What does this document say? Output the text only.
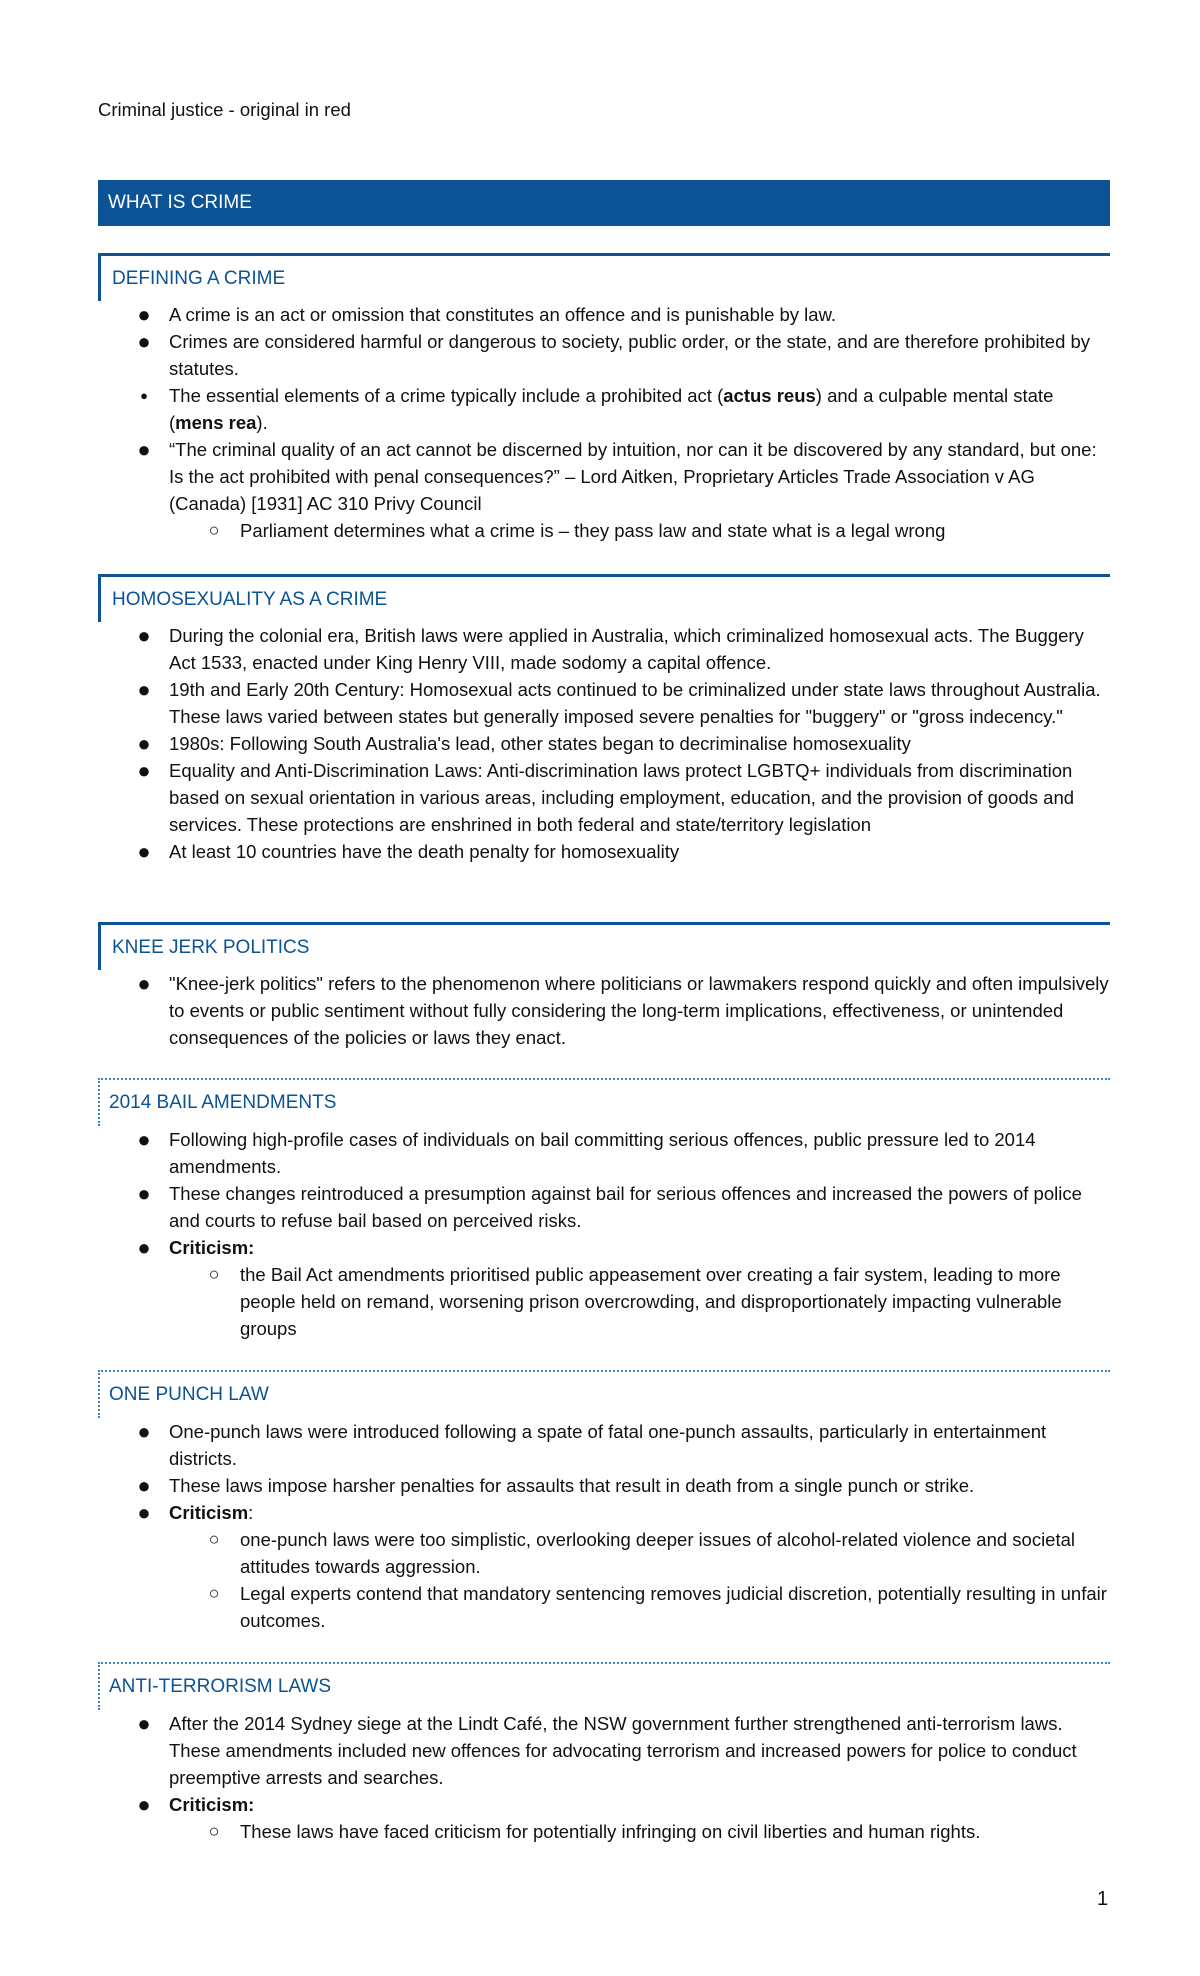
Criminal justice - original in red
WHAT IS CRIME
DEFINING A CRIME
● A crime is an act or omission that constitutes an offence and is punishable by law.
● Crimes are considered harmful or dangerous to society, public order, or the state, and are therefore prohibited by statutes.
●	The essential elements of a crime typically include a prohibited act (actus reus) and a culpable mental state (mens rea).
● “The criminal quality of an act cannot be discerned by intuition, nor can it be discovered by any standard, but one: Is the act prohibited with penal consequences?” – Lord Aitken, Proprietary Articles Trade Association v AG (Canada) [1931] AC 310 Privy Council
○ Parliament determines what a crime is – they pass law and state what is a legal wrong
HOMOSEXUALITY AS A CRIME
● During the colonial era, British laws were applied in Australia, which criminalized homosexual acts. The Buggery Act 1533, enacted under King Henry VIII, made sodomy a capital offence.
● 19th and Early 20th Century: Homosexual acts continued to be criminalized under state laws throughout Australia. These laws varied between states but generally imposed severe penalties for "buggery" or "gross indecency."
● 1980s: Following South Australia's lead, other states began to decriminalise homosexuality
● Equality and Anti-Discrimination Laws: Anti-discrimination laws protect LGBTQ+ individuals from discrimination based on sexual orientation in various areas, including employment, education, and the provision of goods and services. These protections are enshrined in both federal and state/territory legislation
● At least 10 countries have the death penalty for homosexuality
KNEE JERK POLITICS
● "Knee-jerk politics" refers to the phenomenon where politicians or lawmakers respond quickly and often impulsively to events or public sentiment without fully considering the long-term implications, effectiveness, or unintended consequences of the policies or laws they enact.
2014 BAIL AMENDMENTS
● Following high-profile cases of individuals on bail committing serious offences, public pressure led to 2014 amendments.
● These changes reintroduced a presumption against bail for serious offences and increased the powers of police and courts to refuse bail based on perceived risks.
● Criticism:
○ the Bail Act amendments prioritised public appeasement over creating a fair system, leading to more people held on remand, worsening prison overcrowding, and disproportionately impacting vulnerable groups
ONE PUNCH LAW
● One-punch laws were introduced following a spate of fatal one-punch assaults, particularly in entertainment districts.
● These laws impose harsher penalties for assaults that result in death from a single punch or strike.
● Criticism:
○ one-punch laws were too simplistic, overlooking deeper issues of alcohol-related violence and societal attitudes towards aggression.
○ Legal experts contend that mandatory sentencing removes judicial discretion, potentially resulting in unfair outcomes.
ANTI-TERRORISM LAWS
● After the 2014 Sydney siege at the Lindt Café, the NSW government further strengthened anti-terrorism laws. These amendments included new offences for advocating terrorism and increased powers for police to conduct preemptive arrests and searches.
● Criticism:
○ These laws have faced criticism for potentially infringing on civil liberties and human rights.
1
